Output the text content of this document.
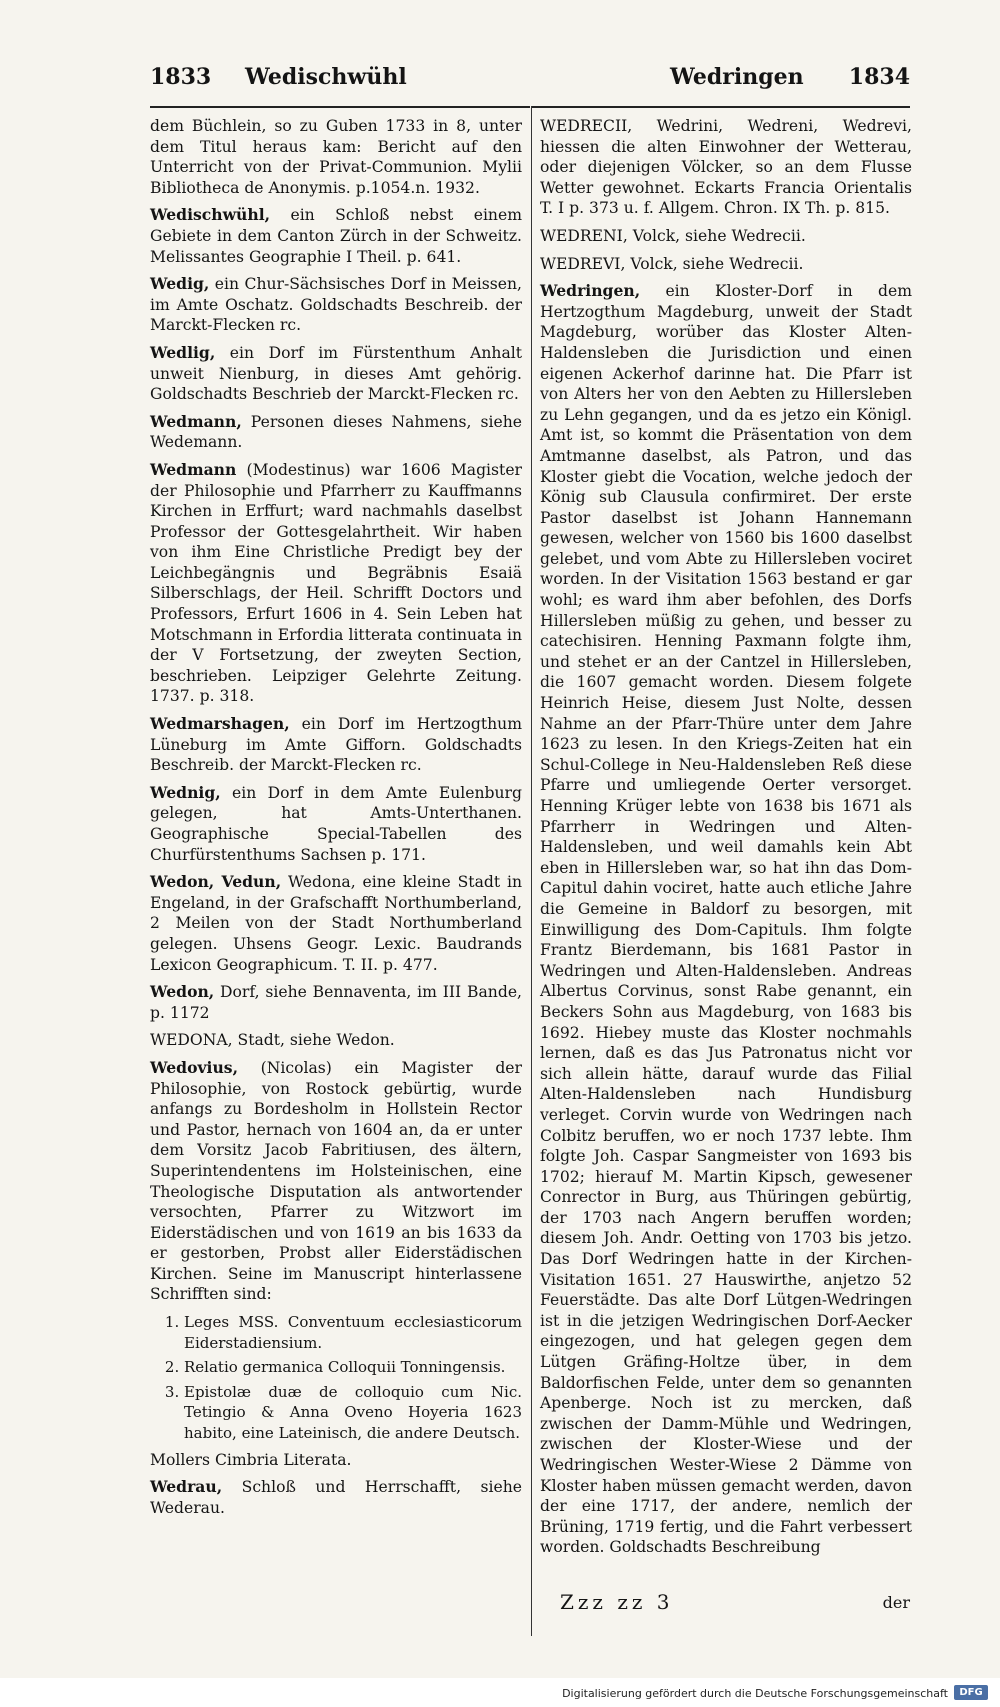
1833 Wedischwühl	Wedringen 1834

dem Büchlein, so zu Guben 1733 in 8, unter dem Titul heraus kam: Bericht auf den Unterricht von der Privat-Communion. Mylii Bibliotheca de Anonymis. p.1054.n. 1932.

Wedischwühl, ein Schloß nebst einem Gebiete in dem Canton Zürch in der Schweitz. Melissantes Geographie I Theil. p. 641.

Wedig, ein Chur-Sächsisches Dorf in Meissen, im Amte Oschatz. Goldschadts Beschreib. der Marckt-Flecken rc.

Wedlig, ein Dorf im Fürstenthum Anhalt unweit Nienburg, in dieses Amt gehörig. Goldschadts Beschrieb der Marckt-Flecken rc.

Wedmann, Personen dieses Nahmens, siehe Wedemann.

Wedmann (Modestinus) war 1606 Magister der Philosophie und Pfarrherr zu Kauffmanns Kirchen in Erffurt; ward nachmahls daselbst Professor der Gottesgelahrtheit. Wir haben von ihm Eine Christliche Predigt bey der Leichbegängnis und Begräbnis Esaiä Silberschlags, der Heil. Schrifft Doctors und Professors, Erfurt 1606 in 4. Sein Leben hat Motschmann in Erfordia litterata continuata in der V Fortsetzung, der zweyten Section, beschrieben. Leipziger Gelehrte Zeitung. 1737. p. 318.

Wedmarshagen, ein Dorf im Hertzogthum Lüneburg im Amte Gifforn. Goldschadts Beschreib. der Marckt-Flecken rc.

Wednig, ein Dorf in dem Amte Eulenburg gelegen, hat Amts-Unterthanen. Geographische Special-Tabellen des Churfürstenthums Sachsen p. 171.

Wedon, Vedun, Wedona, eine kleine Stadt in Engeland, in der Grafschafft Northumberland, 2 Meilen von der Stadt Northumberland gelegen. Uhsens Geogr. Lexic. Baudrands Lexicon Geographicum. T. II. p. 477.

Wedon, Dorf, siehe Bennaventa, im III Bande, p. 1172

WEDONA, Stadt, siehe Wedon.

Wedovius, (Nicolas) ein Magister der Philosophie, von Rostock gebürtig, wurde anfangs zu Bordesholm in Hollstein Rector und Pastor, hernach von 1604 an, da er unter dem Vorsitz Jacob Fabritiusen, des ältern, Superintendentens im Holsteinischen, eine Theologische Disputation als antwortender versochten, Pfarrer zu Witzwort im Eiderstädischen und von 1619 an bis 1633 da er gestorben, Probst aller Eiderstädischen Kirchen. Seine im Manuscript hinterlassene Schrifften sind:

1. Leges MSS. Conventuum ecclesiasticorum Eiderstadiensium.
2. Relatio germanica Colloquii Tonningensis.
3. Epistolæ duæ de colloquio cum Nic. Tetingio & Anna Oveno Hoyeria 1623 habito, eine Lateinisch, die andere Deutsch.

Mollers Cimbria Literata.

Wedrau, Schloß und Herrschafft, siehe Wederau.

WEDRECII, Wedrini, Wedreni, Wedrevi, hiessen die alten Einwohner der Wetterau, oder diejenigen Völcker, so an dem Flusse Wetter gewohnet. Eckarts Francia Orientalis T. I p. 373 u. f. Allgem. Chron. IX Th. p. 815.

WEDRENI, Volck, siehe Wedrecii.

WEDREVI, Volck, siehe Wedrecii.

Wedringen, ein Kloster-Dorf in dem Hertzogthum Magdeburg, unweit der Stadt Magdeburg, worüber das Kloster Alten-Haldensleben die Jurisdiction und einen eigenen Ackerhof darinne hat. Die Pfarr ist von Alters her von den Aebten zu Hillersleben zu Lehn gegangen, und da es jetzo ein Königl. Amt ist, so kommt die Präsentation von dem Amtmanne daselbst, als Patron, und das Kloster giebt die Vocation, welche jedoch der König sub Clausula confirmiret. Der erste Pastor daselbst ist Johann Hannemann gewesen, welcher von 1560 bis 1600 daselbst gelebet, und vom Abte zu Hillersleben vociret worden. In der Visitation 1563 bestand er gar wohl; es ward ihm aber befohlen, des Dorfs Hillersleben müßig zu gehen, und besser zu catechisiren. Henning Paxmann folgte ihm, und stehet er an der Cantzel in Hillersleben, die 1607 gemacht worden. Diesem folgete Heinrich Heise, diesem Just Nolte, dessen Nahme an der Pfarr-Thüre unter dem Jahre 1623 zu lesen. In den Kriegs-Zeiten hat ein Schul-College in Neu-Haldensleben Reß diese Pfarre und umliegende Oerter versorget. Henning Krüger lebte von 1638 bis 1671 als Pfarrherr in Wedringen und Alten-Haldensleben, und weil damahls kein Abt eben in Hillersleben war, so hat ihn das Dom-Capitul dahin vociret, hatte auch etliche Jahre die Gemeine in Baldorf zu besorgen, mit Einwilligung des Dom-Capituls. Ihm folgte Frantz Bierdemann, bis 1681 Pastor in Wedringen und Alten-Haldensleben. Andreas Albertus Corvinus, sonst Rabe genannt, ein Beckers Sohn aus Magdeburg, von 1683 bis 1692. Hiebey muste das Kloster nochmahls lernen, daß es das Jus Patronatus nicht vor sich allein hätte, darauf wurde das Filial Alten-Haldensleben nach Hundisburg verleget. Corvin wurde von Wedringen nach Colbitz beruffen, wo er noch 1737 lebte. Ihm folgte Joh. Caspar Sangmeister von 1693 bis 1702; hierauf M. Martin Kipsch, gewesener Conrector in Burg, aus Thüringen gebürtig, der 1703 nach Angern beruffen worden; diesem Joh. Andr. Oetting von 1703 bis jetzo. Das Dorf Wedringen hatte in der Kirchen-Visitation 1651. 27 Hauswirthe, anjetzo 52 Feuerstädte. Das alte Dorf Lütgen-Wedringen ist in die jetzigen Wedringischen Dorf-Aecker eingezogen, und hat gelegen gegen dem Lütgen Gräfing-Holtze über, in dem Baldorfischen Felde, unter dem so genannten Apenberge. Noch ist zu mercken, daß zwischen der Damm-Mühle und Wedringen, zwischen der Kloster-Wiese und der Wedringischen Wester-Wiese 2 Dämme von Kloster haben müssen gemacht werden, davon der eine 1717, der andere, nemlich der Brüning, 1719 fertig, und die Fahrt verbessert worden. Goldschadts Beschreibung

Zzz zz 3	der
Digitalisierung gefördert durch die Deutsche Forschungsgemeinschaft	DFG
